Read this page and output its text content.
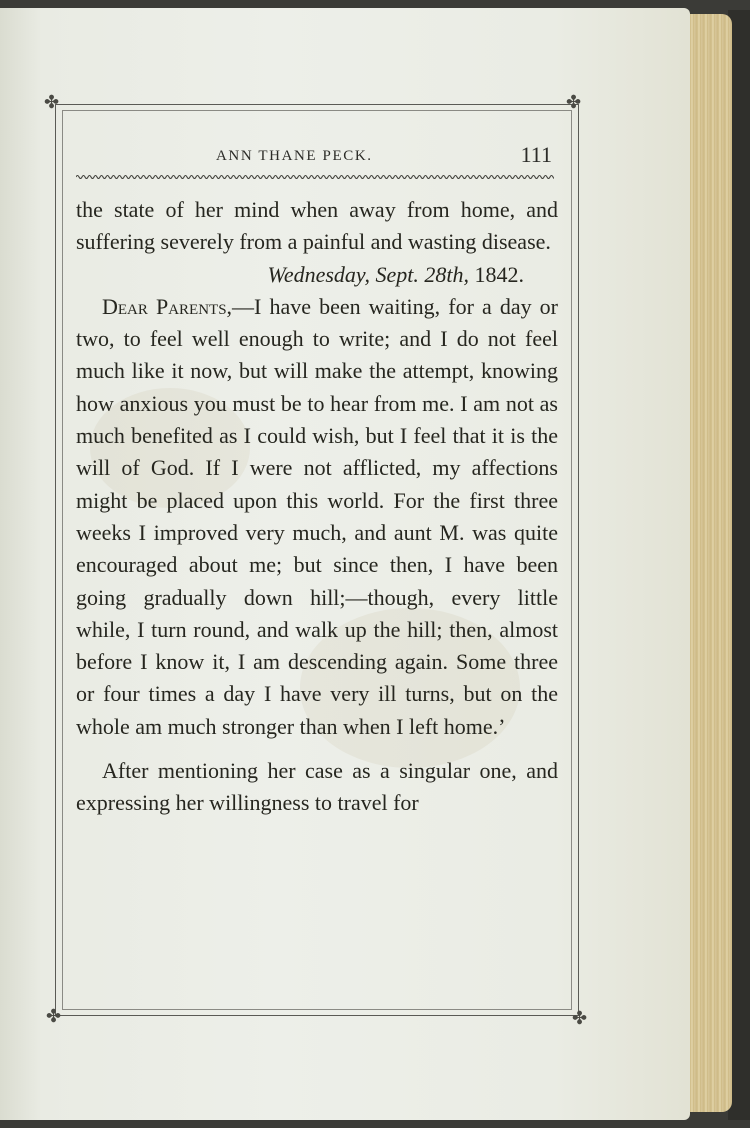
✤	✤
✤	✤
ANN THANE PECK.	111

the state of her mind when away from home, and suffering severely from a painful and wasting disease.

Wednesday, Sept. 28th, 1842.

Dear Parents,—I have been waiting, for a day or two, to feel well enough to write; and I do not feel much like it now, but will make the attempt, knowing how anxious you must be to hear from me. I am not as much benefited as I could wish, but I feel that it is the will of God. If I were not afflicted, my affections might be placed upon this world. For the first three weeks I improved very much, and aunt M. was quite encouraged about me; but since then, I have been going gradually down hill;—though, every little while, I turn round, and walk up the hill; then, almost before I know it, I am descending again. Some three or four times a day I have very ill turns, but on the whole am much stronger than when I left home.’

After mentioning her case as a singular one, and expressing her willingness to travel for
